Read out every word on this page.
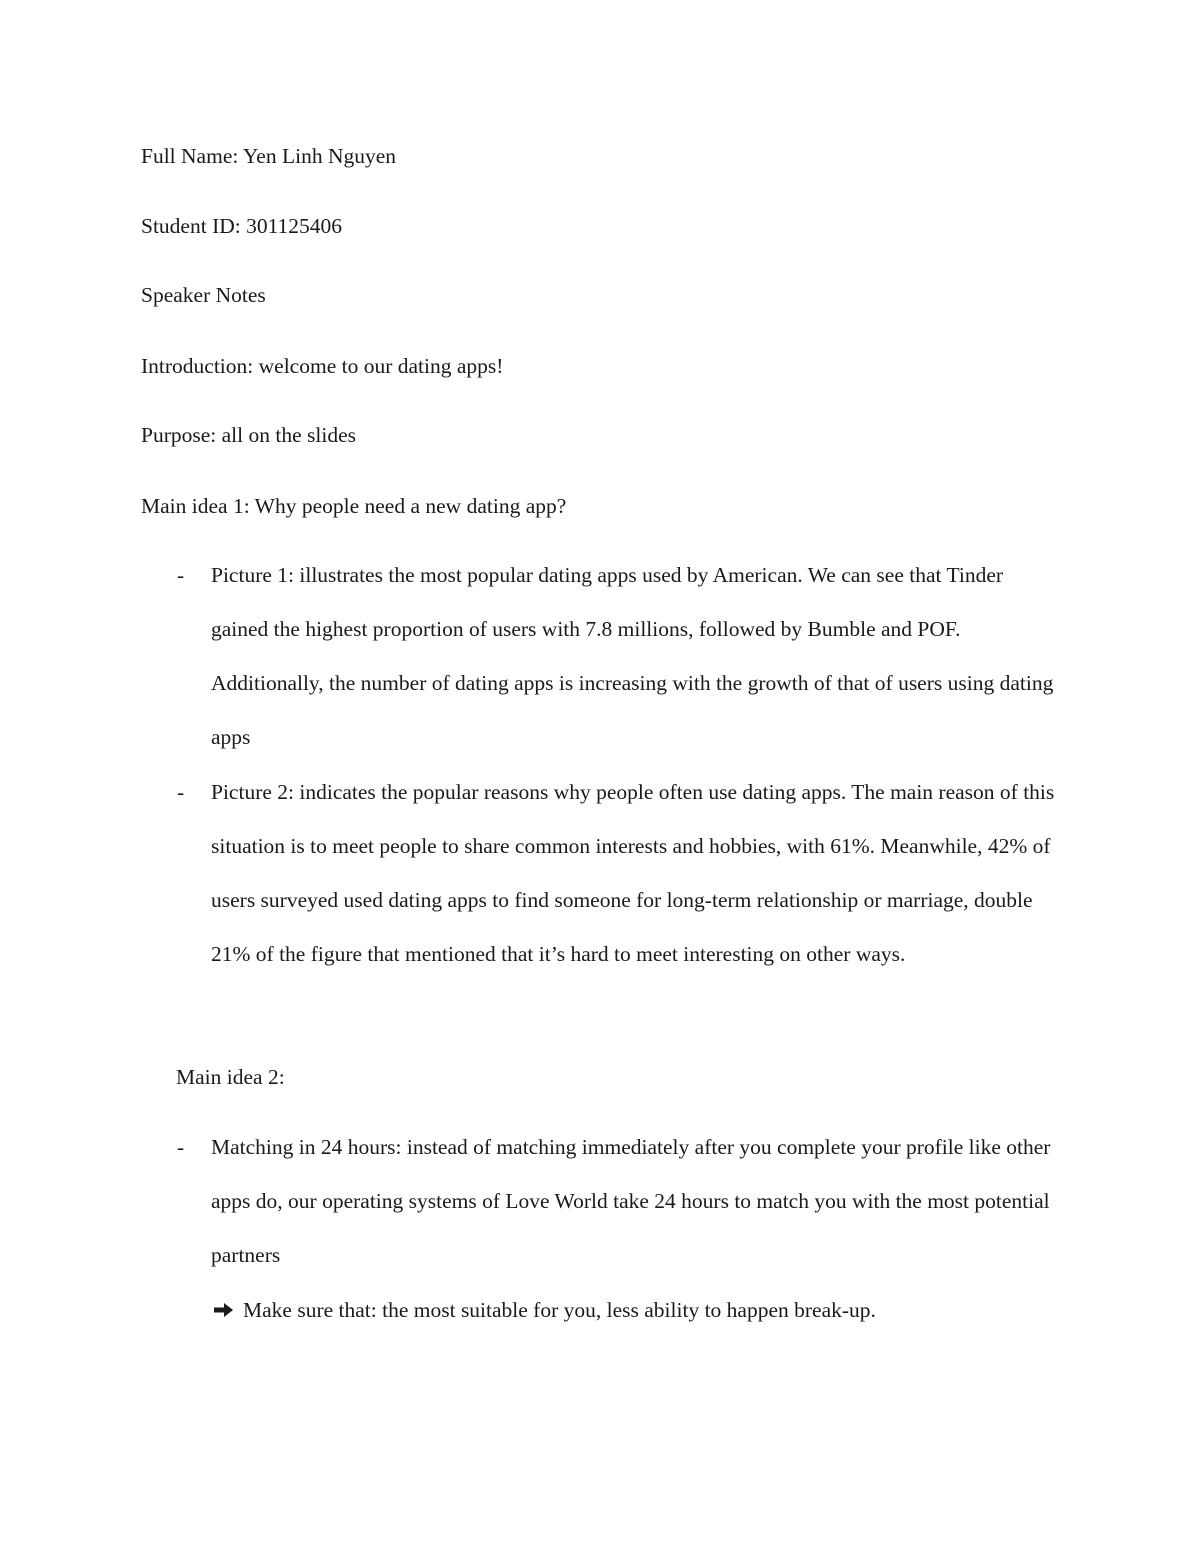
Full Name: Yen Linh Nguyen
Student ID: 301125406
Speaker Notes
Introduction: welcome to our dating apps!
Purpose: all on the slides
Main idea 1: Why people need a new dating app?
- Picture 1: illustrates the most popular dating apps used by American. We can see that Tinder gained the highest proportion of users with 7.8 millions, followed by Bumble and POF. Additionally, the number of dating apps is increasing with the growth of that of users using dating apps

- Picture 2: indicates the popular reasons why people often use dating apps. The main reason of this situation is to meet people to share common interests and hobbies, with 61%. Meanwhile, 42% of users surveyed used dating apps to find someone for long-term relationship or marriage, double 21% of the figure that mentioned that it’s hard to meet interesting on other ways.

Main idea 2:
- Matching in 24 hours: instead of matching immediately after you complete your profile like other apps do, our operating systems of Love World take 24 hours to match you with the most potential partners

Make sure that: the most suitable for you, less ability to happen break-up.
